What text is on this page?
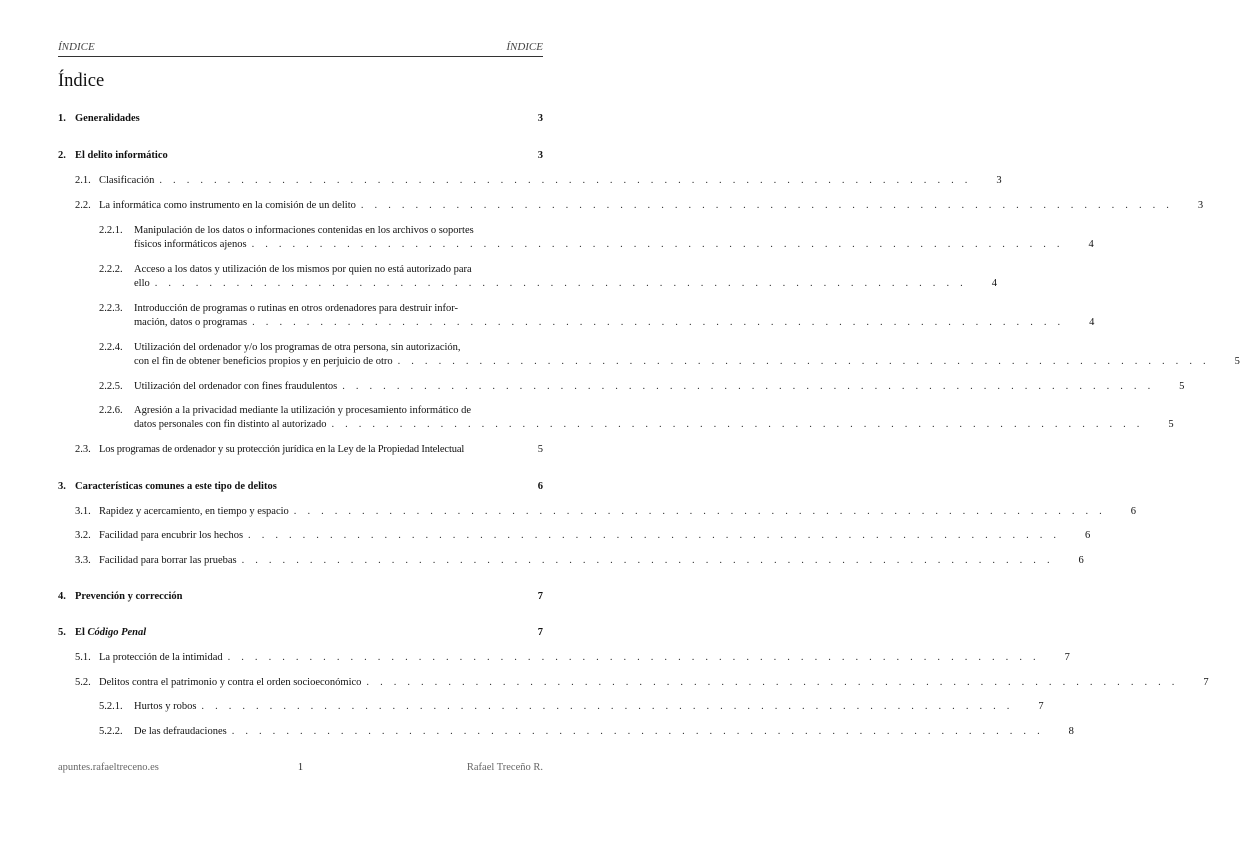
ÍNDICE	ÍNDICE
Índice
1. Generalidades	3
2. El delito informático	3
2.1. Clasificación . . . . . . . . . . . . . . . . . . . . . . . . . . . . . . . . . . . . . . . . . . . . . . . . . . . . . . . . . . . .	3
2.2. La informática como instrumento en la comisión de un delito . . . . . . . . . . . . . . . . . . . . . . . . . . . . . . . . . . . . . . . . . . . . . . . . . . . . . . . . . . . .	3
2.2.1. Manipulación de los datos o informaciones contenidas en los archivos o soportes
físicos informáticos ajenos . . . . . . . . . . . . . . . . . . . . . . . . . . . . . . . . . . . . . . . . . . . . . . . . . . . . . . . . . . . .	4
2.2.2. Acceso a los datos y utilización de los mismos por quien no está autorizado para
ello . . . . . . . . . . . . . . . . . . . . . . . . . . . . . . . . . . . . . . . . . . . . . . . . . . . . . . . . . . . .	4
2.2.3. Introducción de programas o rutinas en otros ordenadores para destruir infor-
mación, datos o programas . . . . . . . . . . . . . . . . . . . . . . . . . . . . . . . . . . . . . . . . . . . . . . . . . . . . . . . . . . . .	4
2.2.4. Utilización del ordenador y/o los programas de otra persona, sin autorización,
con el fin de obtener beneficios propios y en perjuicio de otro . . . . . . . . . . . . . . . . . . . . . . . . . . . . . . . . . . . . . . . . . . . . . . . . . . . . . . . . . . . .	5
2.2.5. Utilización del ordenador con fines fraudulentos . . . . . . . . . . . . . . . . . . . . . . . . . . . . . . . . . . . . . . . . . . . . . . . . . . . . . . . . . . . .	5
2.2.6. Agresión a la privacidad mediante la utilización y procesamiento informático de
datos personales con fin distinto al autorizado . . . . . . . . . . . . . . . . . . . . . . . . . . . . . . . . . . . . . . . . . . . . . . . . . . . . . . . . . . . .	5
2.3. Los programas de ordenador y su protección jurídica en la Ley de la Propiedad Intelectual	5
3. Características comunes a este tipo de delitos	6
3.1. Rapidez y acercamiento, en tiempo y espacio . . . . . . . . . . . . . . . . . . . . . . . . . . . . . . . . . . . . . . . . . . . . . . . . . . . . . . . . . . . .	6
3.2. Facilidad para encubrir los hechos . . . . . . . . . . . . . . . . . . . . . . . . . . . . . . . . . . . . . . . . . . . . . . . . . . . . . . . . . . . .	6
3.3. Facilidad para borrar las pruebas . . . . . . . . . . . . . . . . . . . . . . . . . . . . . . . . . . . . . . . . . . . . . . . . . . . . . . . . . . . .	6
4. Prevención y corrección	7
5. El Código Penal	7
5.1. La protección de la intimidad . . . . . . . . . . . . . . . . . . . . . . . . . . . . . . . . . . . . . . . . . . . . . . . . . . . . . . . . . . . .	7
5.2. Delitos contra el patrimonio y contra el orden socioeconómico . . . . . . . . . . . . . . . . . . . . . . . . . . . . . . . . . . . . . . . . . . . . . . . . . . . . . . . . . . . .	7
5.2.1. Hurtos y robos . . . . . . . . . . . . . . . . . . . . . . . . . . . . . . . . . . . . . . . . . . . . . . . . . . . . . . . . . . . .	7
5.2.2. De las defraudaciones . . . . . . . . . . . . . . . . . . . . . . . . . . . . . . . . . . . . . . . . . . . . . . . . . . . . . . . . . . . .	8
apuntes.rafaeltreceno.es	1	Rafael Treceño R.
